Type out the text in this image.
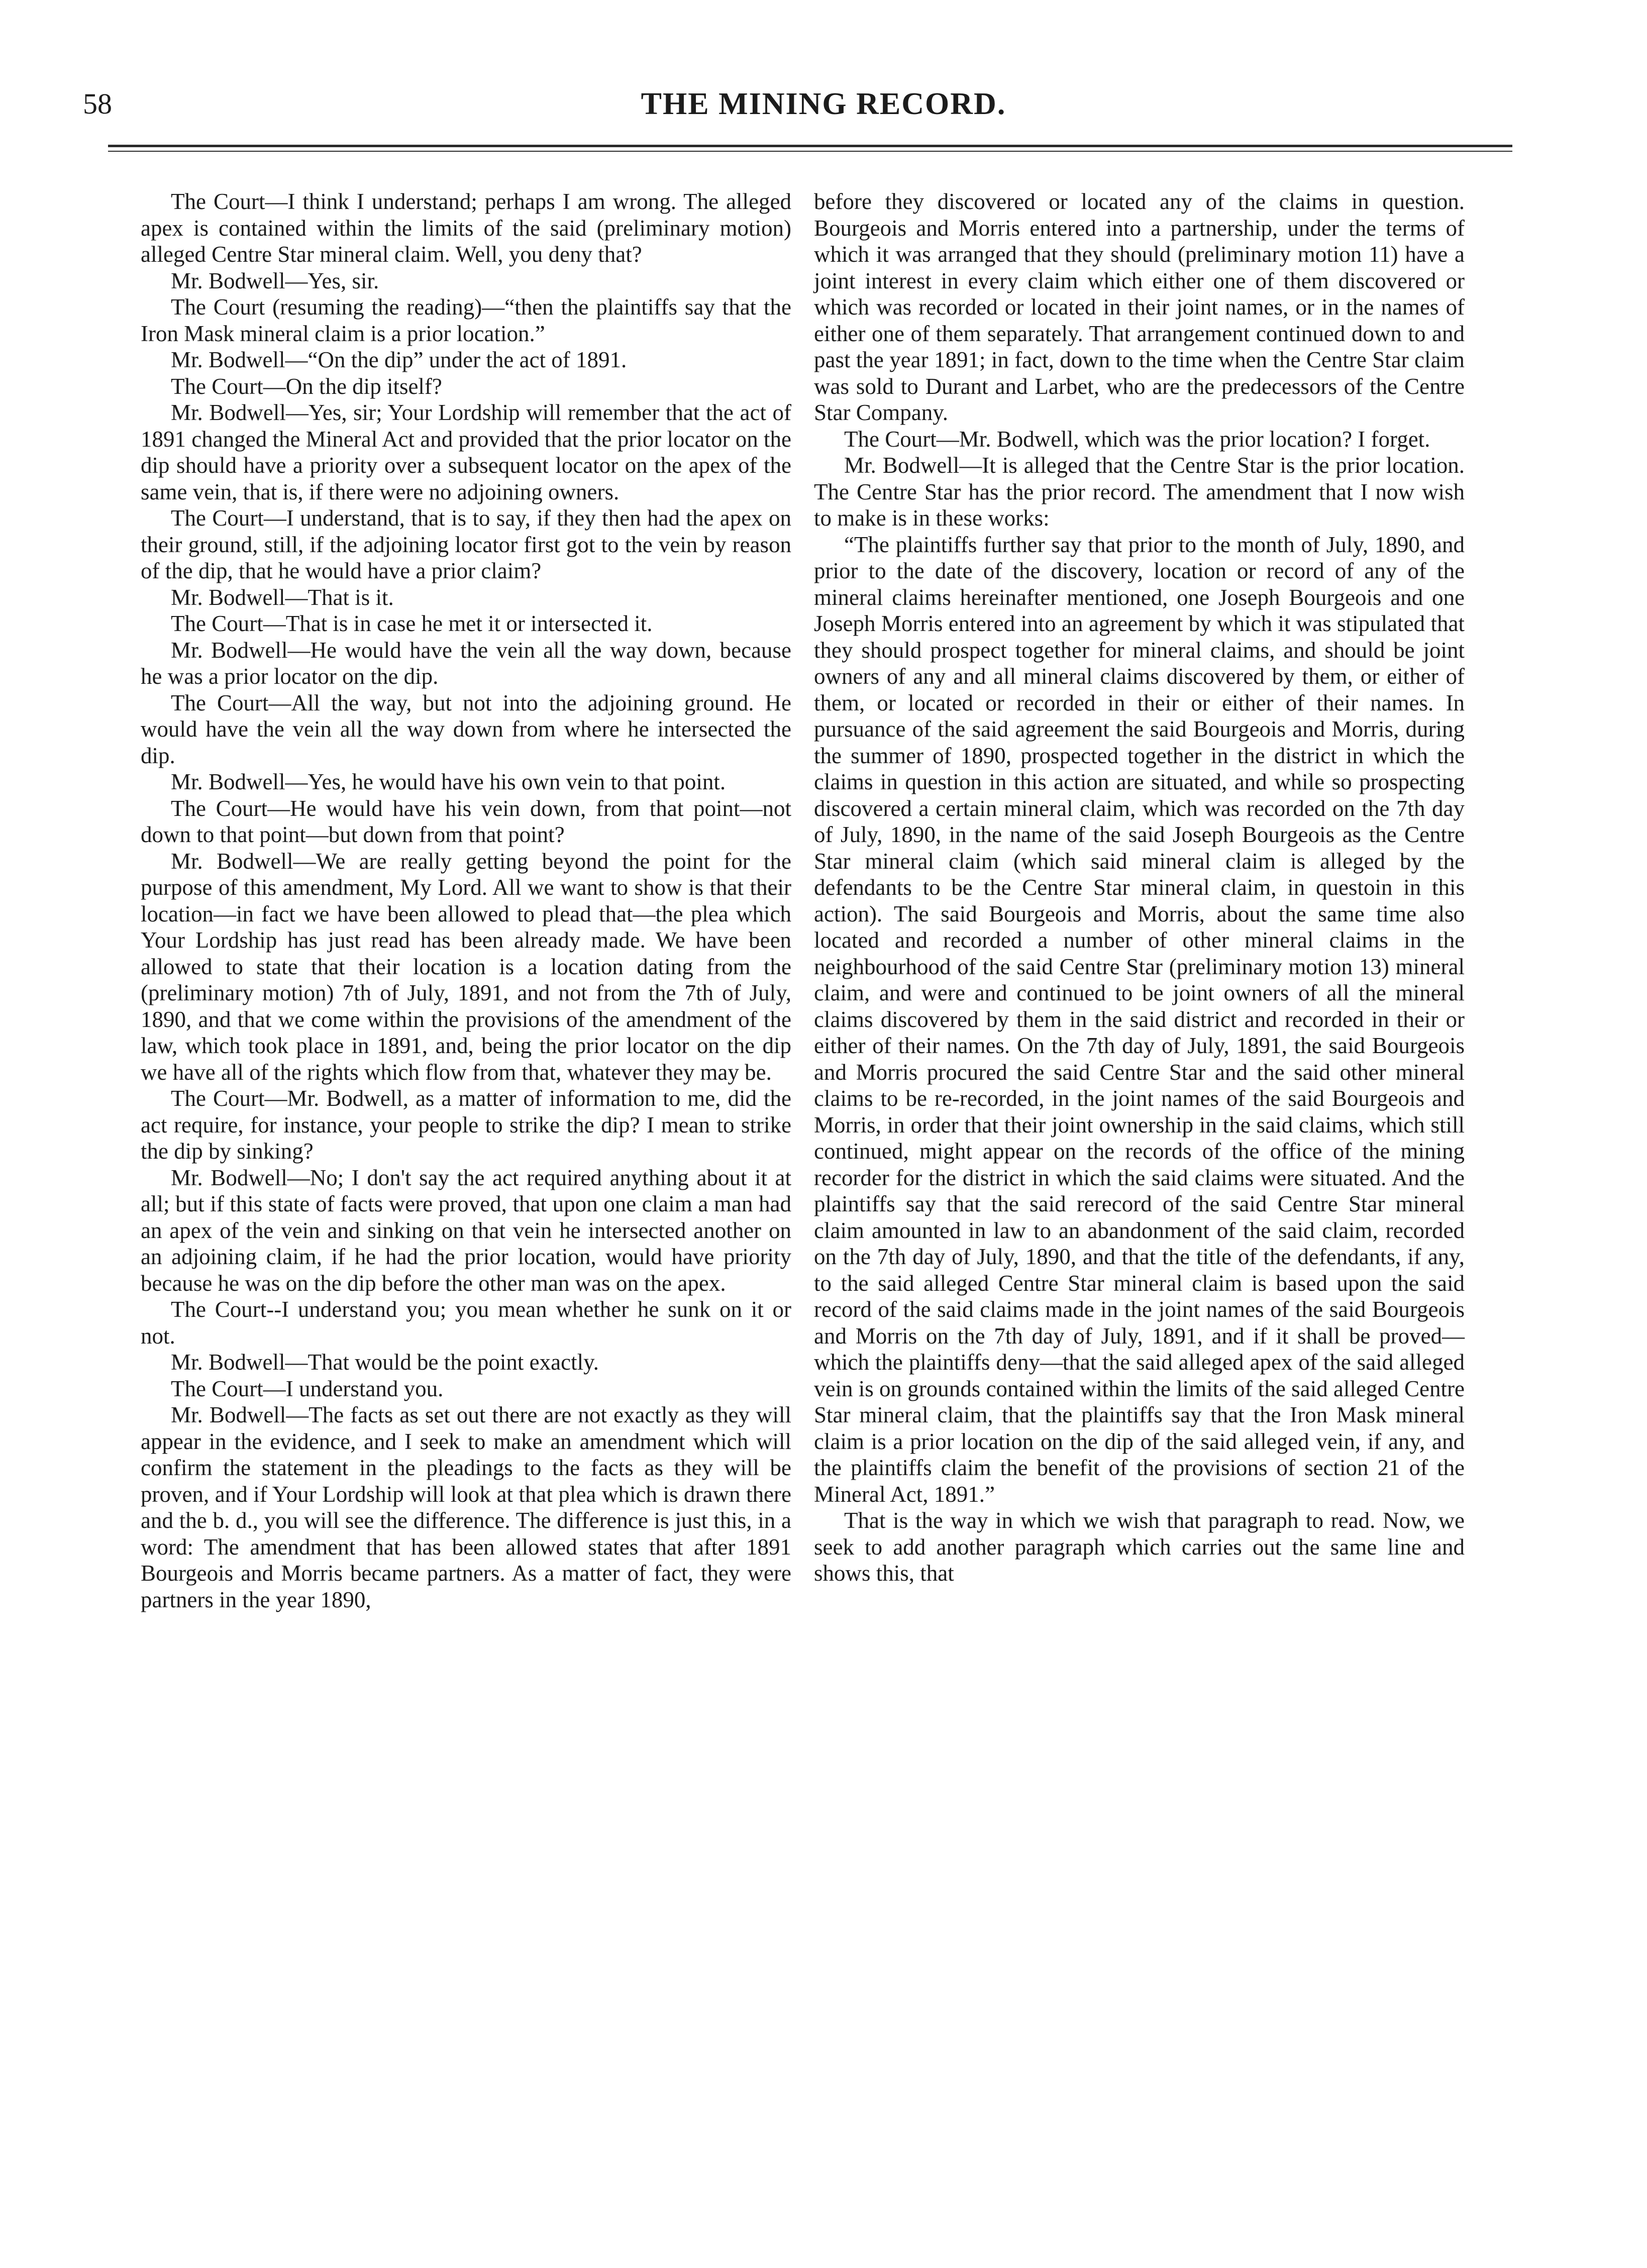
58	THE MINING RECORD.

The Court—I think I understand; perhaps I am wrong. The alleged apex is contained within the limits of the said (preliminary motion) alleged Centre Star mineral claim. Well, you deny that?

Mr. Bodwell—Yes, sir.

The Court (resuming the reading)—“then the plaintiffs say that the Iron Mask mineral claim is a prior location.”

Mr. Bodwell—“On the dip” under the act of 1891.

The Court—On the dip itself?

Mr. Bodwell—Yes, sir; Your Lordship will remember that the act of 1891 changed the Mineral Act and provided that the prior locator on the dip should have a priority over a subsequent locator on the apex of the same vein, that is, if there were no adjoining owners.

The Court—I understand, that is to say, if they then had the apex on their ground, still, if the adjoining locator first got to the vein by reason of the dip, that he would have a prior claim?

Mr. Bodwell—That is it.

The Court—That is in case he met it or intersected it.

Mr. Bodwell—He would have the vein all the way down, because he was a prior locator on the dip.

The Court—All the way, but not into the adjoining ground. He would have the vein all the way down from where he intersected the dip.

Mr. Bodwell—Yes, he would have his own vein to that point.

The Court—He would have his vein down, from that point—not down to that point—but down from that point?

Mr. Bodwell—We are really getting beyond the point for the purpose of this amendment, My Lord. All we want to show is that their location—in fact we have been allowed to plead that—the plea which Your Lordship has just read has been already made. We have been allowed to state that their location is a location dating from the (preliminary motion) 7th of July, 1891, and not from the 7th of July, 1890, and that we come within the provisions of the amendment of the law, which took place in 1891, and, being the prior locator on the dip we have all of the rights which flow from that, whatever they may be.

The Court—Mr. Bodwell, as a matter of information to me, did the act require, for instance, your people to strike the dip? I mean to strike the dip by sinking?

Mr. Bodwell—No; I don't say the act required anything about it at all; but if this state of facts were proved, that upon one claim a man had an apex of the vein and sinking on that vein he intersected another on an adjoining claim, if he had the prior location, would have priority because he was on the dip before the other man was on the apex.

The Court--I understand you; you mean whether he sunk on it or not.

Mr. Bodwell—That would be the point exactly.

The Court—I understand you.

Mr. Bodwell—The facts as set out there are not exactly as they will appear in the evidence, and I seek to make an amendment which will confirm the statement in the pleadings to the facts as they will be proven, and if Your Lordship will look at that plea which is drawn there and the b. d., you will see the difference. The difference is just this, in a word: The amendment that has been allowed states that after 1891 Bourgeois and Morris became partners. As a matter of fact, they were partners in the year 1890,

before they discovered or located any of the claims in question. Bourgeois and Morris entered into a partnership, under the terms of which it was arranged that they should (preliminary motion 11) have a joint interest in every claim which either one of them discovered or which was recorded or located in their joint names, or in the names of either one of them separately. That arrangement continued down to and past the year 1891; in fact, down to the time when the Centre Star claim was sold to Durant and Larbet, who are the predecessors of the Centre Star Company.

The Court—Mr. Bodwell, which was the prior location? I forget.

Mr. Bodwell—It is alleged that the Centre Star is the prior location. The Centre Star has the prior record. The amendment that I now wish to make is in these works:

“The plaintiffs further say that prior to the month of July, 1890, and prior to the date of the discovery, location or record of any of the mineral claims hereinafter mentioned, one Joseph Bourgeois and one Joseph Morris entered into an agreement by which it was stipulated that they should prospect together for mineral claims, and should be joint owners of any and all mineral claims discovered by them, or either of them, or located or recorded in their or either of their names. In pursuance of the said agreement the said Bourgeois and Morris, during the summer of 1890, prospected together in the district in which the claims in question in this action are situated, and while so prospecting discovered a certain mineral claim, which was recorded on the 7th day of July, 1890, in the name of the said Joseph Bourgeois as the Centre Star mineral claim (which said mineral claim is alleged by the defendants to be the Centre Star mineral claim, in questoin in this action). The said Bourgeois and Morris, about the same time also located and recorded a number of other mineral claims in the neighbourhood of the said Centre Star (preliminary motion 13) mineral claim, and were and continued to be joint owners of all the mineral claims discovered by them in the said district and recorded in their or either of their names. On the 7th day of July, 1891, the said Bourgeois and Morris procured the said Centre Star and the said other mineral claims to be re-recorded, in the joint names of the said Bourgeois and Morris, in order that their joint ownership in the said claims, which still continued, might appear on the records of the office of the mining recorder for the district in which the said claims were situated. And the plaintiffs say that the said rerecord of the said Centre Star mineral claim amounted in law to an abandonment of the said claim, recorded on the 7th day of July, 1890, and that the title of the defendants, if any, to the said alleged Centre Star mineral claim is based upon the said record of the said claims made in the joint names of the said Bourgeois and Morris on the 7th day of July, 1891, and if it shall be proved—which the plaintiffs deny—that the said alleged apex of the said alleged vein is on grounds contained within the limits of the said alleged Centre Star mineral claim, that the plaintiffs say that the Iron Mask mineral claim is a prior location on the dip of the said alleged vein, if any, and the plaintiffs claim the benefit of the provisions of section 21 of the Mineral Act, 1891.”

That is the way in which we wish that paragraph to read. Now, we seek to add another paragraph which carries out the same line and shows this, that
